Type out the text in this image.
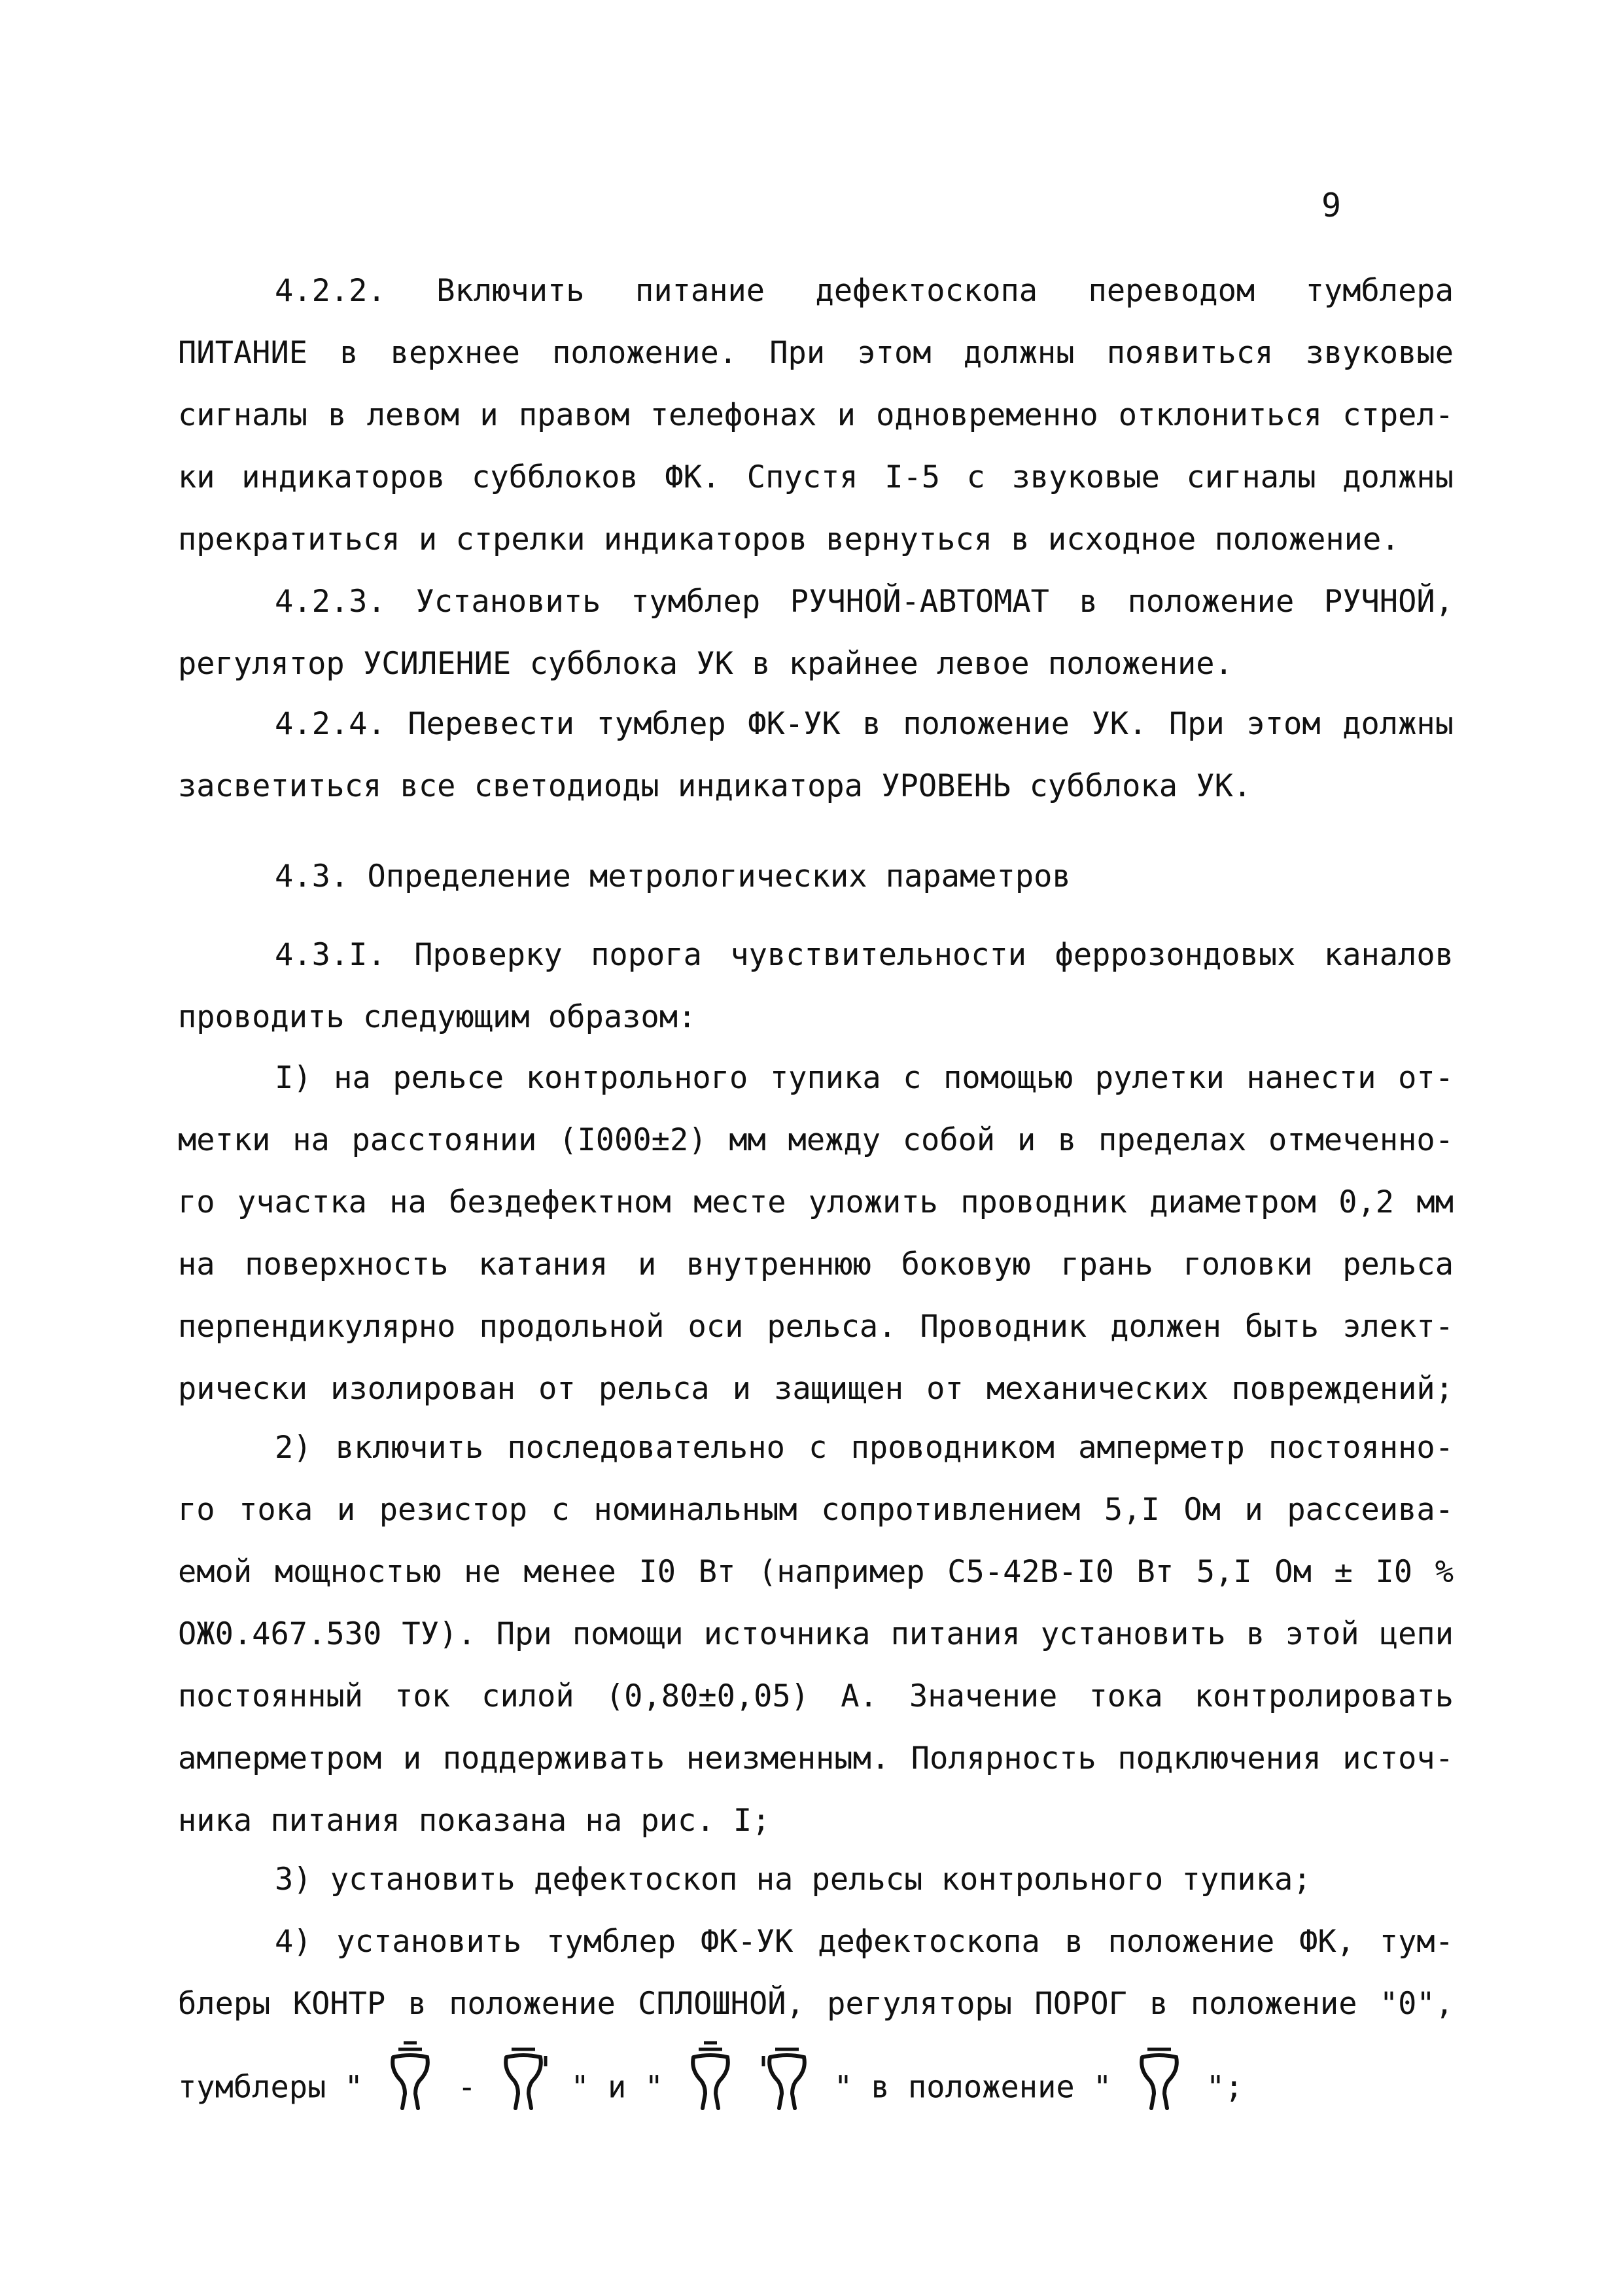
9
4.2.2. Включить питание дефектоскопа переводом тумблера
ПИТАНИЕ в верхнее положение. При этом должны появиться звуковые
сигналы в левом и правом телефонах и одновременно отклониться стрел-
ки индикаторов субблоков ФК. Спустя I-5 с звуковые сигналы должны
прекратиться и стрелки индикаторов вернуться в исходное положение.
4.2.3. Установить тумблер РУЧНОЙ-АВТОМАТ в положение РУЧНОЙ,
регулятор УСИЛЕНИЕ субблока УК в крайнее левое положение.
4.2.4. Перевести тумблер ФК-УК в положение УК. При этом должны
засветиться все светодиоды индикатора УРОВЕНЬ субблока УК.
4.3. Определение метрологических параметров
4.3.I. Проверку порога чувствительности феррозондовых каналов
проводить следующим образом:
I) на рельсе контрольного тупика с помощью рулетки нанести от-
метки на расстоянии (I000±2) мм между собой и в пределах отмеченно-
го участка на бездефектном месте уложить проводник диаметром 0,2 мм
на поверхность катания и внутреннюю боковую грань головки рельса
перпендикулярно продольной оси рельса. Проводник должен быть элект-
рически изолирован от рельса и защищен от механических повреждений;
2) включить последовательно с проводником амперметр постоянно-
го тока и резистор с номинальным сопротивлением 5,I Ом и рассеива-
емой мощностью не менее I0 Вт (например С5-42В-I0 Вт 5,I Ом ± I0 %
ОЖ0.467.530 ТУ). При помощи источника питания установить в этой цепи
постоянный ток силой (0,80±0,05) А. Значение тока контролировать
амперметром и поддерживать неизменным. Полярность подключения источ-
ника питания показана на рис. I;
3) установить дефектоскоп на рельсы контрольного тупика;
4) установить тумблер ФК-УК дефектоскопа в положение ФК, тум-
блеры КОНТР в положение СПЛОШНОЙ, регуляторы ПОРОГ в положение "0",
тумблеры "	-	" и "	" в положение "	";
